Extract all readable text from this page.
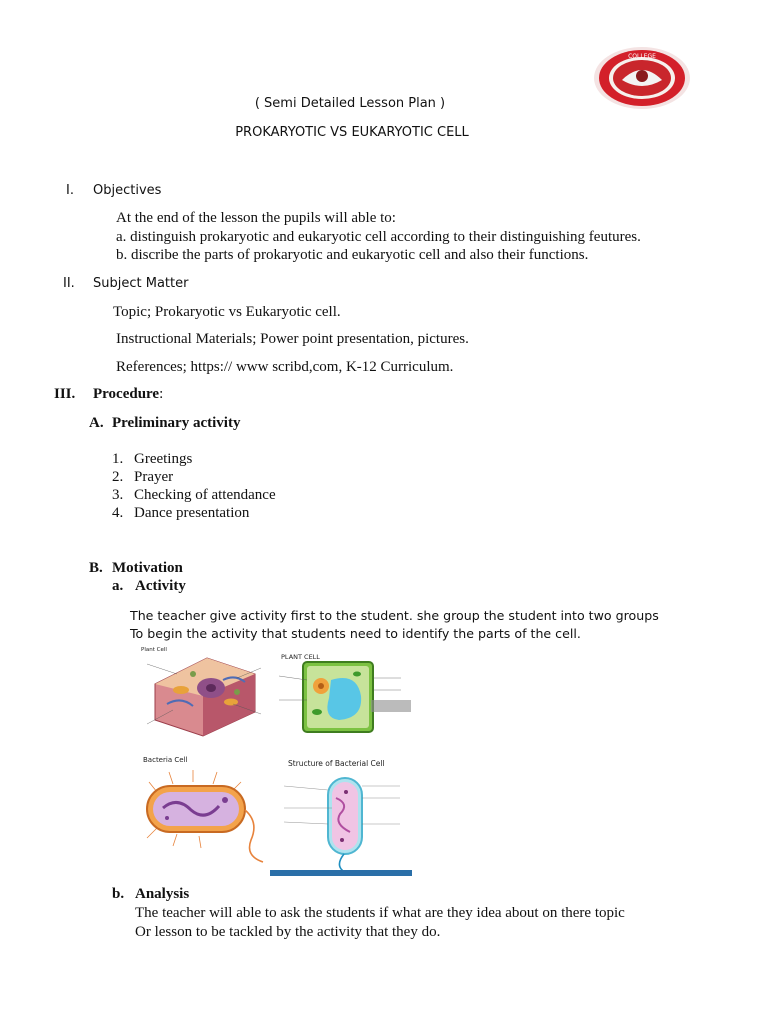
COLLEGE
( Semi Detailed Lesson Plan )
PROKARYOTIC VS EUKARYOTIC CELL
I. Objectives
At the end of the lesson the pupils will able to:
a. distinguish prokaryotic and eukaryotic cell according to their distinguishing feutures.
b. discribe the parts of prokaryotic and eukaryotic cell and also their functions.
II. Subject Matter
Topic; Prokaryotic vs Eukaryotic cell.
Instructional Materials; Power point presentation, pictures.
References; https:// www scribd,com, K-12 Curriculum.
III. Procedure:
A. Preliminary activity
1. Greetings
2. Prayer
3. Checking of attendance
4. Dance presentation
B. Motivation
a. Activity
The teacher give activity first to the student. she group the student into two groups
To begin the activity that students need to identify the parts of the cell.
Plant Cell
PLANT CELL
Bacteria Cell	Structure of Bacterial Cell
b. Analysis
The teacher will able to ask the students if what are they idea about on there topic
Or lesson to be tackled by the activity that they do.
